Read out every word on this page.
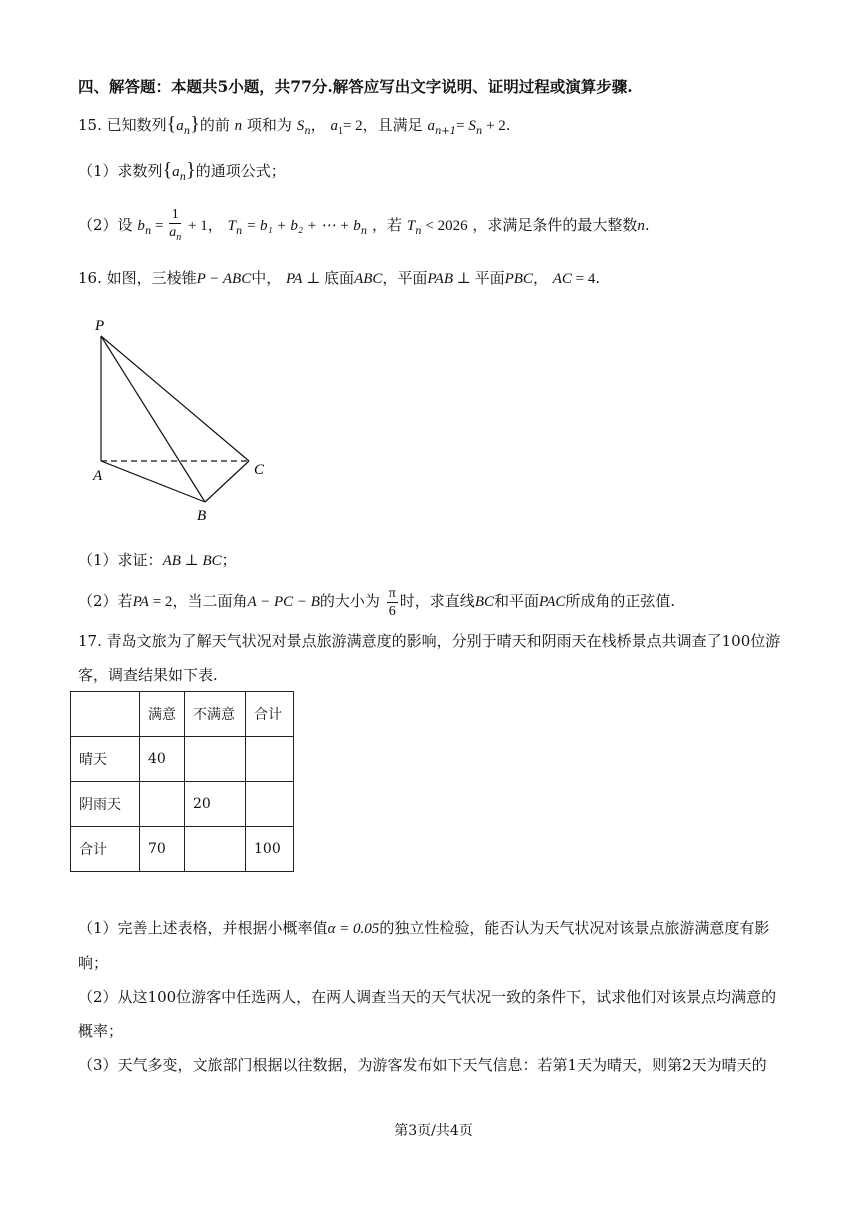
四、解答题：本题共5小题，共77分.解答应写出文字说明、证明过程或演算步骤.
15. 已知数列$\{a_n\}$的前 n 项和为 $S_n$， $a_1= 2$，且满足 $a_{n+1}= S_n + 2$.
（1）求数列$\{a_n\}$的通项公式；
（2）设 $b_n = \frac{1}{a_n} + 1$， $T_n = b_1 + b_2$ + ⋯ + $b_n$ ，若 $T_n < 2026$ ，求满足条件的最大整数n.
16. 如图，三棱锥P − ABC中， PA ⊥ 底面ABC，平面PAB ⊥ 平面PBC， AC = 4.
P
A
B
C
（1）求证：AB ⊥ BC；
（2）若PA = 2，当二面角A − PC − B的大小为 $\frac{\pi}{6}$ 时，求直线BC和平面PAC所成角的正弦值.
17. 青岛文旅为了解天气状况对景点旅游满意度的影响，分别于晴天和阴雨天在栈桥景点共调查了100位游
客，调查结果如下表.
	满意	不满意	合计
晴天	40		
阴雨天		20	
合计	70		100
（1）完善上述表格，并根据小概率值α = 0.05的独立性检验，能否认为天气状况对该景点旅游满意度有影
响；
（2）从这100位游客中任选两人，在两人调查当天的天气状况一致的条件下，试求他们对该景点均满意的
概率；
（3）天气多变，文旅部门根据以往数据，为游客发布如下天气信息：若第1天为晴天，则第2天为晴天的
第3页/共4页
